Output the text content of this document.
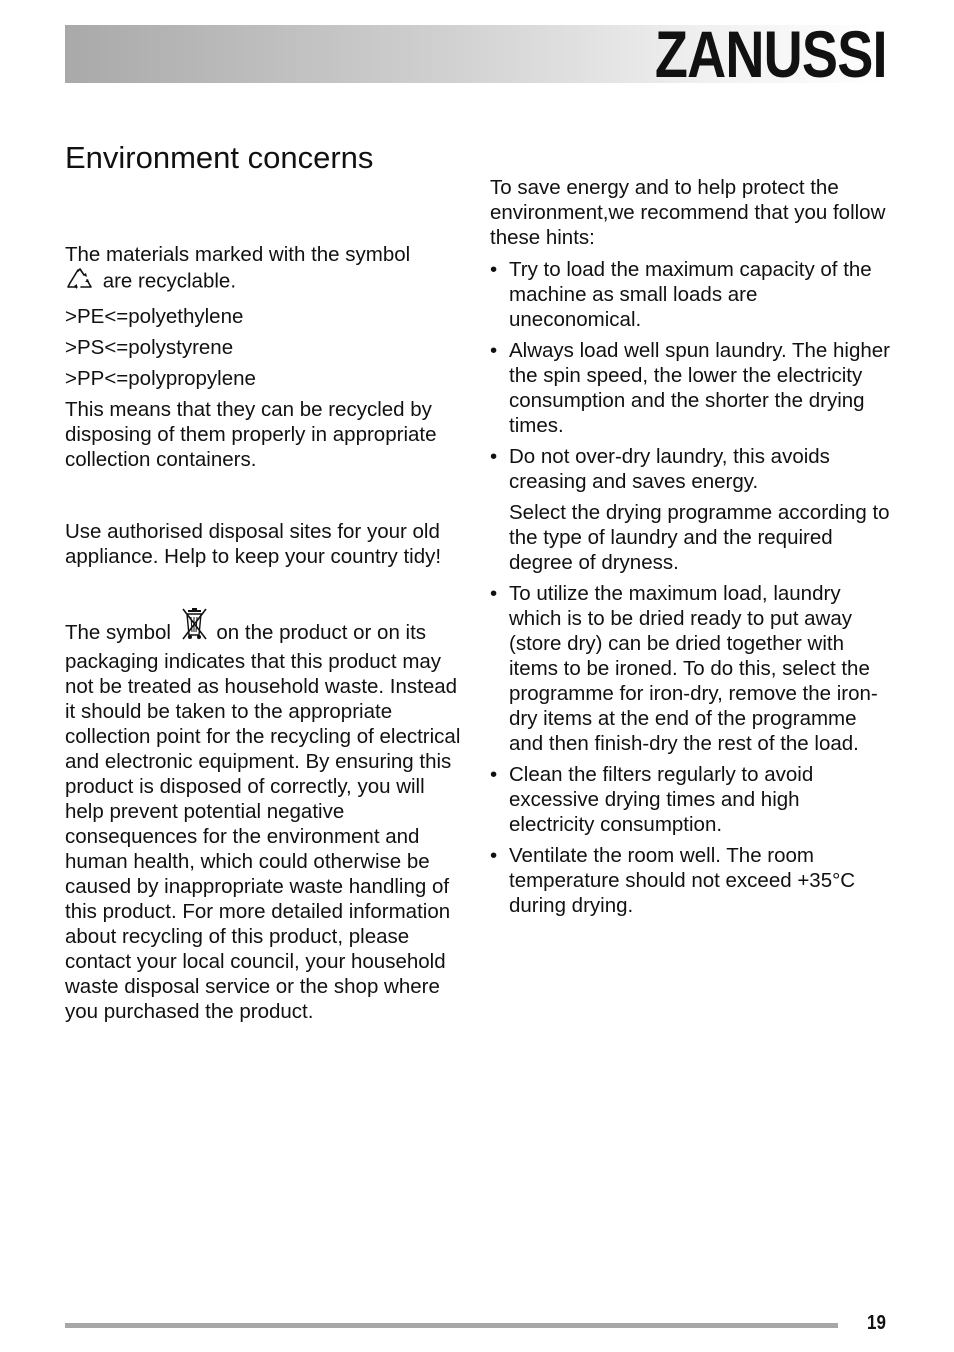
ZANUSSI
Environment concerns

The materials marked with the symbol
are recyclable.

>PE<=polyethylene

>PS<=polystyrene

>PP<=polypropylene

This means that they can be recycled by disposing of them properly in appropriate collection containers.

Use authorised disposal sites for your old appliance. Help to keep your country tidy!

The symbol on the product or on its packaging indicates that this product may not be treated as household waste. Instead it should be taken to the appropriate collection point for the recycling of electrical and electronic equipment. By ensuring this product is disposed of correctly, you will help prevent potential negative consequences for the environment and human health, which could otherwise be caused by inappropriate waste handling of this product. For more detailed information about recycling of this product, please contact your local council, your household waste disposal service or the shop where you purchased the product.

To save energy and to help protect the environment,we recommend that you follow these hints:

• Try to load the maximum capacity of the machine as small loads are uneconomical.
• Always load well spun laundry. The higher the spin speed, the lower the electricity consumption and the shorter the drying times.
• Do not over-dry laundry, this avoids creasing and saves energy.

Select the drying programme according to the type of laundry and the required degree of dryness.

• To utilize the maximum load, laundry which is to be dried ready to put away (store dry) can be dried together with items to be ironed. To do this, select the programme for iron-dry, remove the iron-dry items at the end of the programme and then finish-dry the rest of the load.
• Clean the filters regularly to avoid excessive drying times and high electricity consumption.
• Ventilate the room well. The room temperature should not exceed +35°C during drying.
19
